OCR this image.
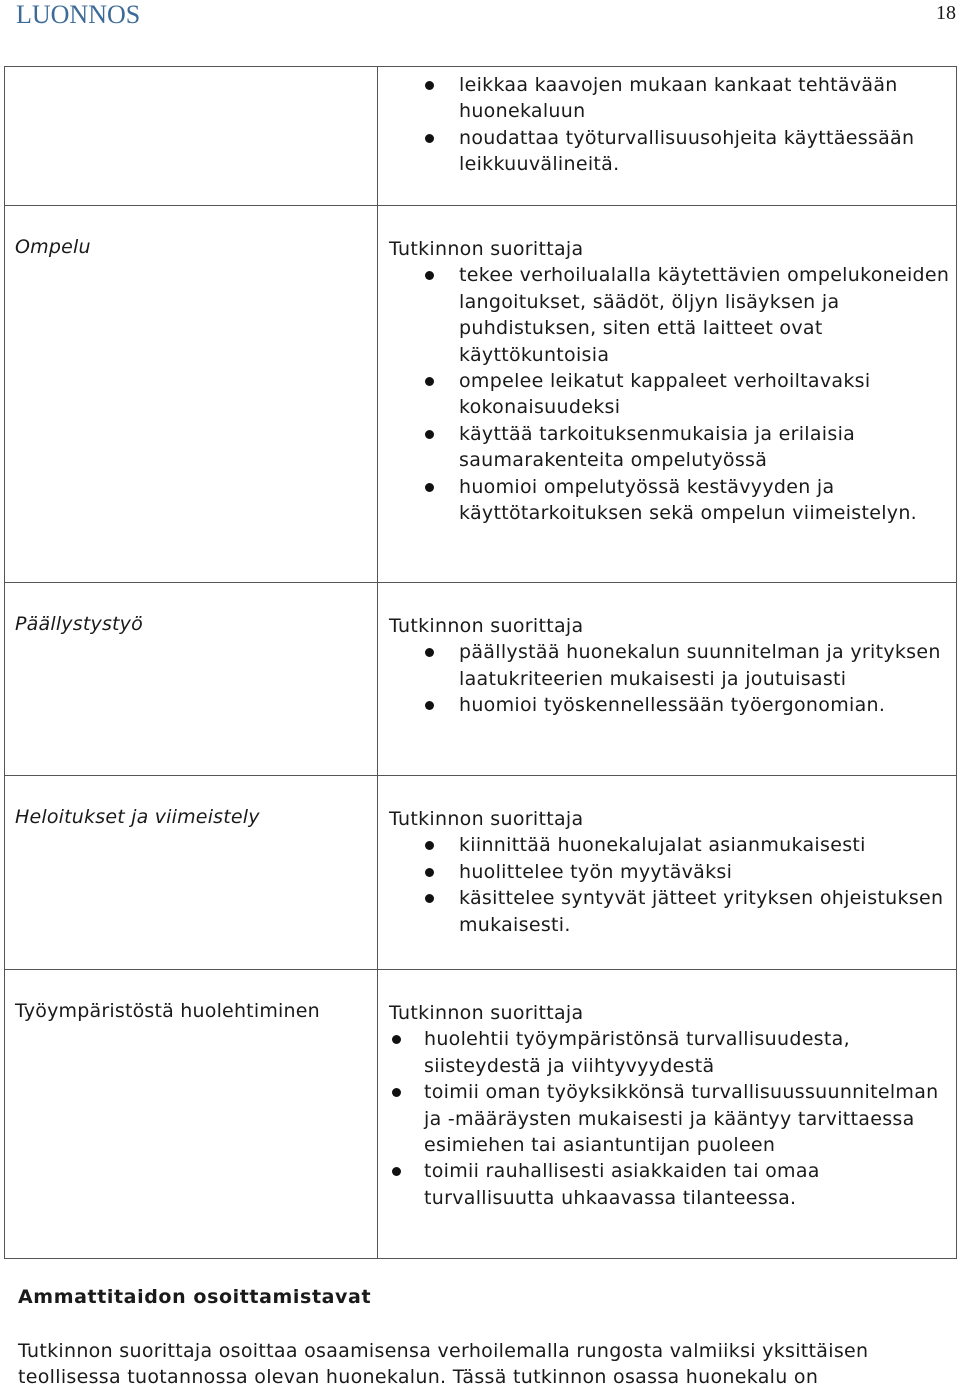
LUONNOS	18
leikkaa kaavojen mukaan kankaat tehtävään huonekaluun
noudattaa työturvallisuusohjeita käyttäessään leikkuuvälineitä.
Ompelu	Tutkinnon suorittaja
tekee verhoilualalla käytettävien ompelukoneiden langoitukset, säädöt, öljyn lisäyksen ja puhdistuksen, siten että laitteet ovat käyttökuntoisia
ompelee leikatut kappaleet verhoiltavaksi kokonaisuudeksi
käyttää tarkoituksenmukaisia ja erilaisia saumarakenteita ompelutyössä
huomioi ompelutyössä kestävyyden ja käyttötarkoituksen sekä ompelun viimeistelyn.
Päällystystyö	Tutkinnon suorittaja
päällystää huonekalun suunnitelman ja yrityksen laatukriteerien mukaisesti ja joutuisasti
huomioi työskennellessään työergonomian.
Heloitukset ja viimeistely	Tutkinnon suorittaja
kiinnittää huonekalujalat asianmukaisesti
huolittelee työn myytäväksi
käsittelee syntyvät jätteet yrityksen ohjeistuksen mukaisesti.
Työympäristöstä huolehtiminen	Tutkinnon suorittaja
huolehtii työympäristönsä turvallisuudesta, siisteydestä ja viihtyvyydestä
toimii oman työyksikkönsä turvallisuussuunnitelman ja -määräysten mukaisesti ja kääntyy tarvittaessa esimiehen tai asiantuntijan puoleen
toimii rauhallisesti asiakkaiden tai omaa turvallisuutta uhkaavassa tilanteessa.
Ammattitaidon osoittamistavat
Tutkinnon suorittaja osoittaa osaamisensa verhoilemalla rungosta valmiiksi yksittäisen teollisessa tuotannossa olevan huonekalun. Tässä tutkinnon osassa huonekalu on
